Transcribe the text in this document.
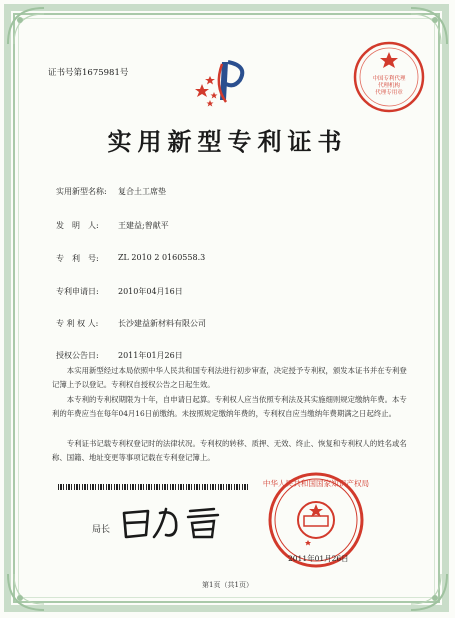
证书号第1675981号
中国专利代理
代理机构
代理专用章
实用新型专利证书
实用新型名称: 复合土工席垫
发　明　人: 王建益;曾献平
专　利　号: ZL 2010 2 0160558.3
专利申请日: 2010年04月16日
专 利 权 人: 长沙建益新材料有限公司
授权公告日: 2011年01月26日
本实用新型经过本局依照中华人民共和国专利法进行初步审查，决定授予专利权，颁发本证书并在专利登记簿上予以登记。专利权自授权公告之日起生效。
本专利的专利权期限为十年，自申请日起算。专利权人应当依照专利法及其实施细则规定缴纳年费。本专利的年费应当在每年04月16日前缴纳。未按照规定缴纳年费的，专利权自应当缴纳年费期满之日起终止。
专利证书记载专利权登记时的法律状况。专利权的转移、质押、无效、终止、恢复和专利权人的姓名或名称、国籍、地址变更等事项记载在专利登记簿上。
局长
中华人民共和国国家知识产权局
2011年01月26日
第1页（共1页）
